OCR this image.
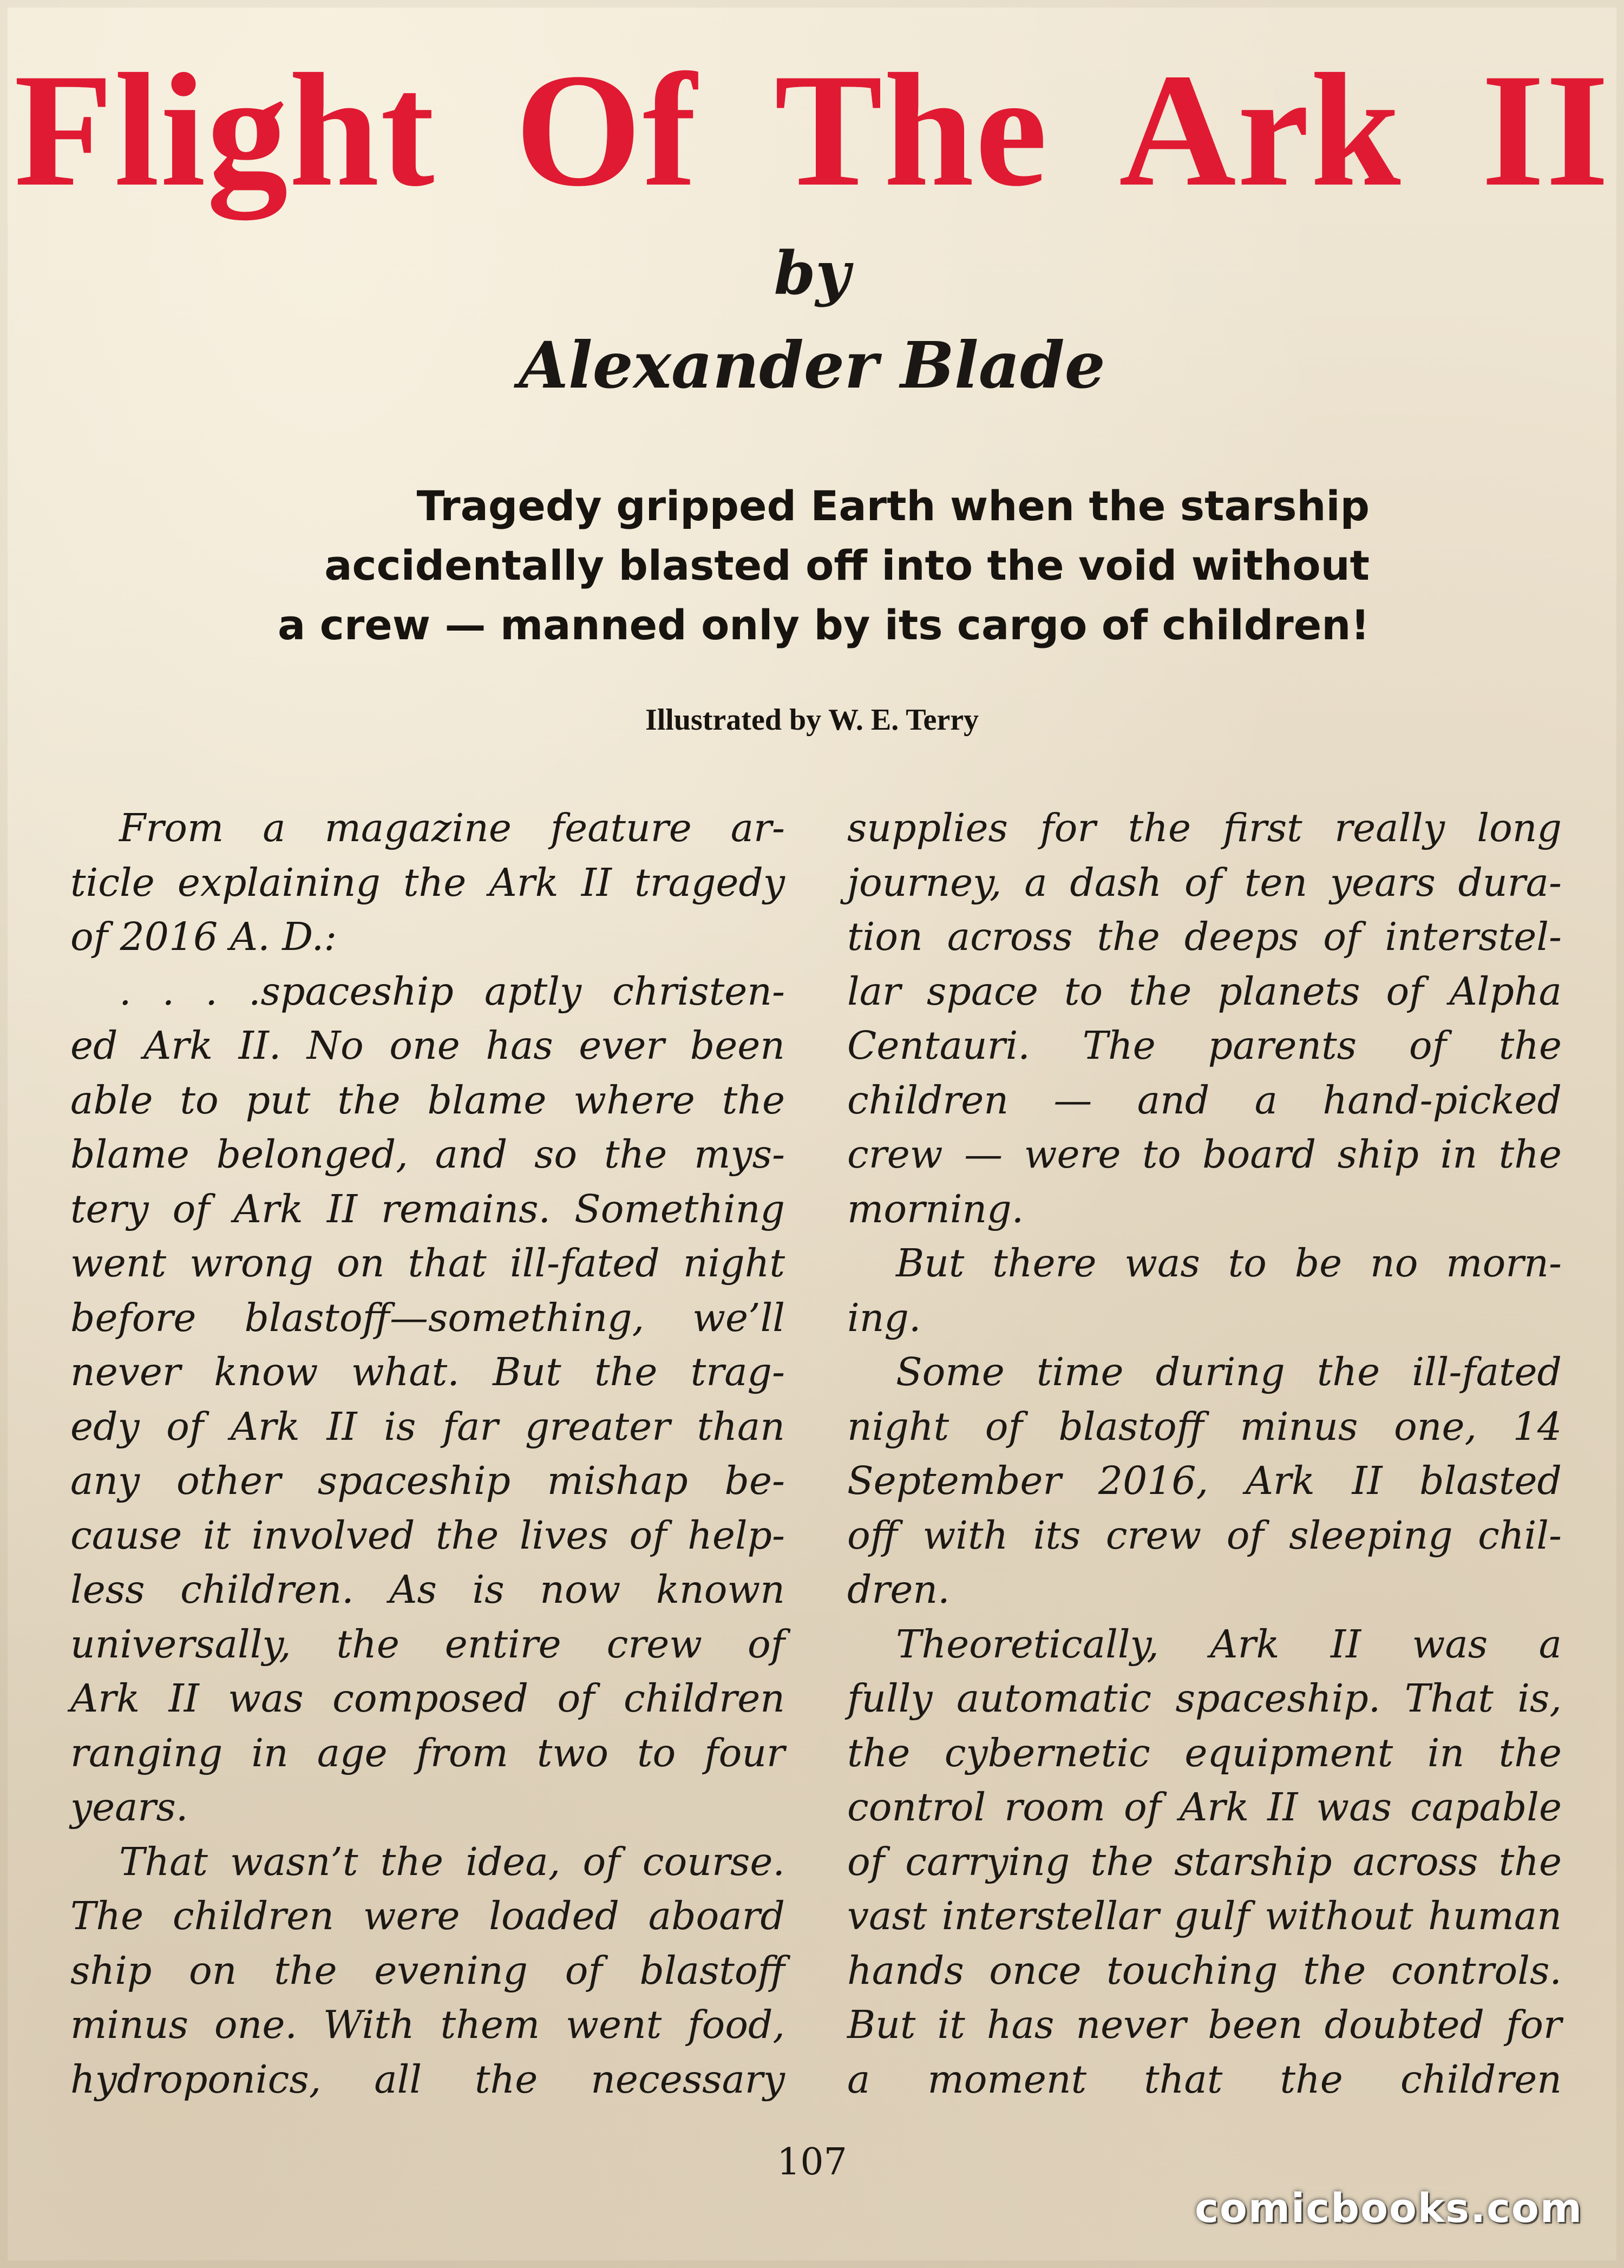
Flight Of The Ark II
by
Alexander Blade
Tragedy gripped Earth when the starship
accidentally blasted off into the void without
a crew — manned only by its cargo of children!
Illustrated by W. E. Terry
From a magazine feature ar-
ticle explaining the Ark II tragedy
of 2016 A. D.:
. . . .spaceship aptly christen-
ed Ark II. No one has ever been
able to put the blame where the
blame belonged, and so the mys-
tery of Ark II remains. Something
went wrong on that ill-fated night
before blastoff—something, we’ll
never know what. But the trag-
edy of Ark II is far greater than
any other spaceship mishap be-
cause it involved the lives of help-
less children. As is now known
universally, the entire crew of
Ark II was composed of children
ranging in age from two to four
years.
That wasn’t the idea, of course.
The children were loaded aboard
ship on the evening of blastoff
minus one. With them went food,
hydroponics, all the necessary
supplies for the first really long
journey, a dash of ten years dura-
tion across the deeps of interstel-
lar space to the planets of Alpha
Centauri. The parents of the
children — and a hand-picked
crew — were to board ship in the
morning.
But there was to be no morn-
ing.
Some time during the ill-fated
night of blastoff minus one, 14
September 2016, Ark II blasted
off with its crew of sleeping chil-
dren.
Theoretically, Ark II was a
fully automatic spaceship. That is,
the cybernetic equipment in the
control room of Ark II was capable
of carrying the starship across the
vast interstellar gulf without human
hands once touching the controls.
But it has never been doubted for
a moment that the children
107
comicbooks.com
